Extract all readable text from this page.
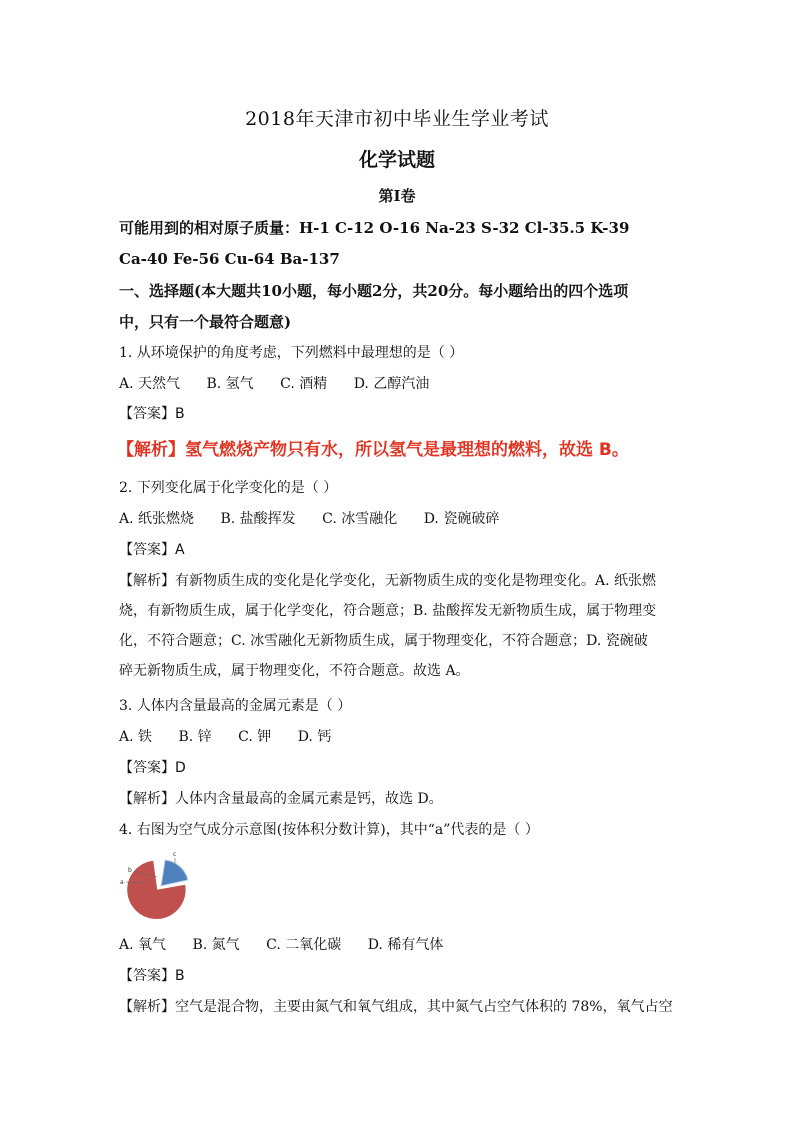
2018年天津市初中毕业生学业考试
化学试题
第Ⅰ卷
可能用到的相对原子质量：H-1 C-12 O-16 Na-23 S-32 Cl-35.5 K-39
Ca-40 Fe-56 Cu-64 Ba-137
一、选择题(本大题共10小题，每小题2分，共20分。每小题给出的四个选项
中，只有一个最符合题意)
1. 从环境保护的角度考虑，下列燃料中最理想的是（ ）
A. 天然气 B. 氢气 C. 酒精 D. 乙醇汽油
【答案】B
【解析】氢气燃烧产物只有水，所以氢气是最理想的燃料，故选 B。
2. 下列变化属于化学变化的是（ ）
A. 纸张燃烧 B. 盐酸挥发 C. 冰雪融化 D. 瓷碗破碎
【答案】A
【解析】有新物质生成的变化是化学变化，无新物质生成的变化是物理变化。A. 纸张燃烧，有新物质生成，属于化学变化，符合题意；B. 盐酸挥发无新物质生成，属于物理变化，不符合题意；C. 冰雪融化无新物质生成，属于物理变化，不符合题意；D. 瓷碗破碎无新物质生成，属于物理变化，不符合题意。故选 A。
3. 人体内含量最高的金属元素是（ ）
A. 铁 B. 锌 C. 钾 D. 钙
【答案】D
【解析】人体内含量最高的金属元素是钙，故选 D。
4. 右图为空气成分示意图(按体积分数计算)，其中“a”代表的是（ ）
b
a
c
A. 氧气 B. 氮气 C. 二氧化碳 D. 稀有气体
【答案】B
【解析】空气是混合物，主要由氮气和氧气组成，其中氮气占空气体积的 78%，氧气占空
